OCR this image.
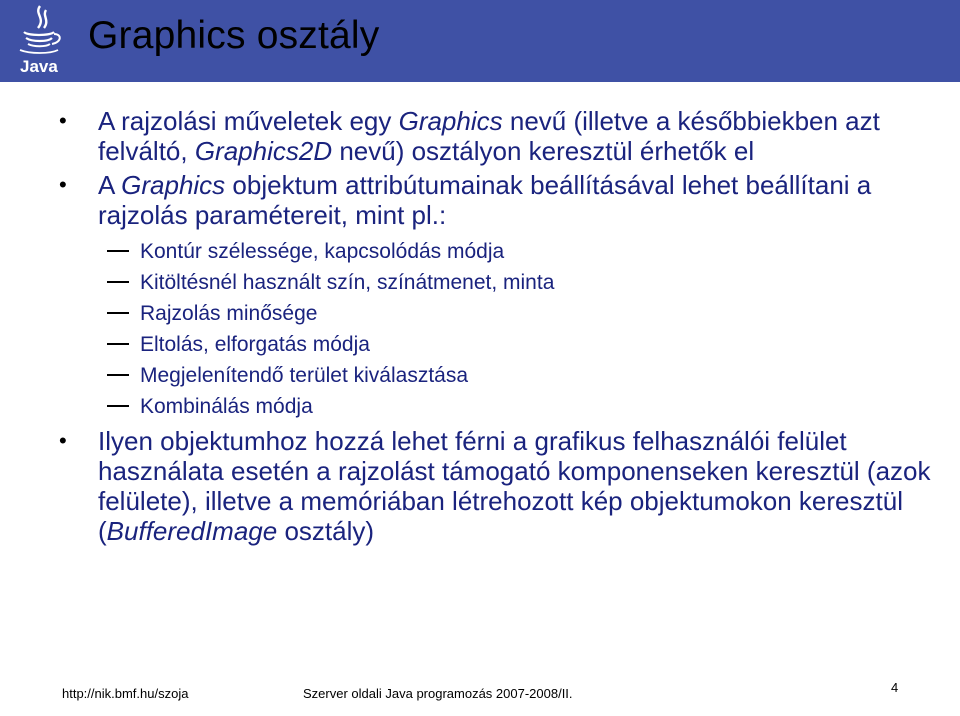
Java
Graphics osztály
• A rajzolási műveletek egy Graphics nevű (illetve a későbbiekben azt felváltó, Graphics2D nevű) osztályon keresztül érhetők el
• A Graphics objektum attribútumainak beállításával lehet beállítani a rajzolás paramétereit, mint pl.:
Kontúr szélessége, kapcsolódás módja
Kitöltésnél használt szín, színátmenet, minta
Rajzolás minősége
Eltolás, elforgatás módja
Megjelenítendő terület kiválasztása
Kombinálás módja
• Ilyen objektumhoz hozzá lehet férni a grafikus felhasználói felület használata esetén a rajzolást támogató komponenseken keresztül (azok felülete), illetve a memóriában létrehozott kép objektumokon keresztül (BufferedImage osztály)
http://nik.bmf.hu/szoja	Szerver oldali Java programozás 2007-2008/II.	4
